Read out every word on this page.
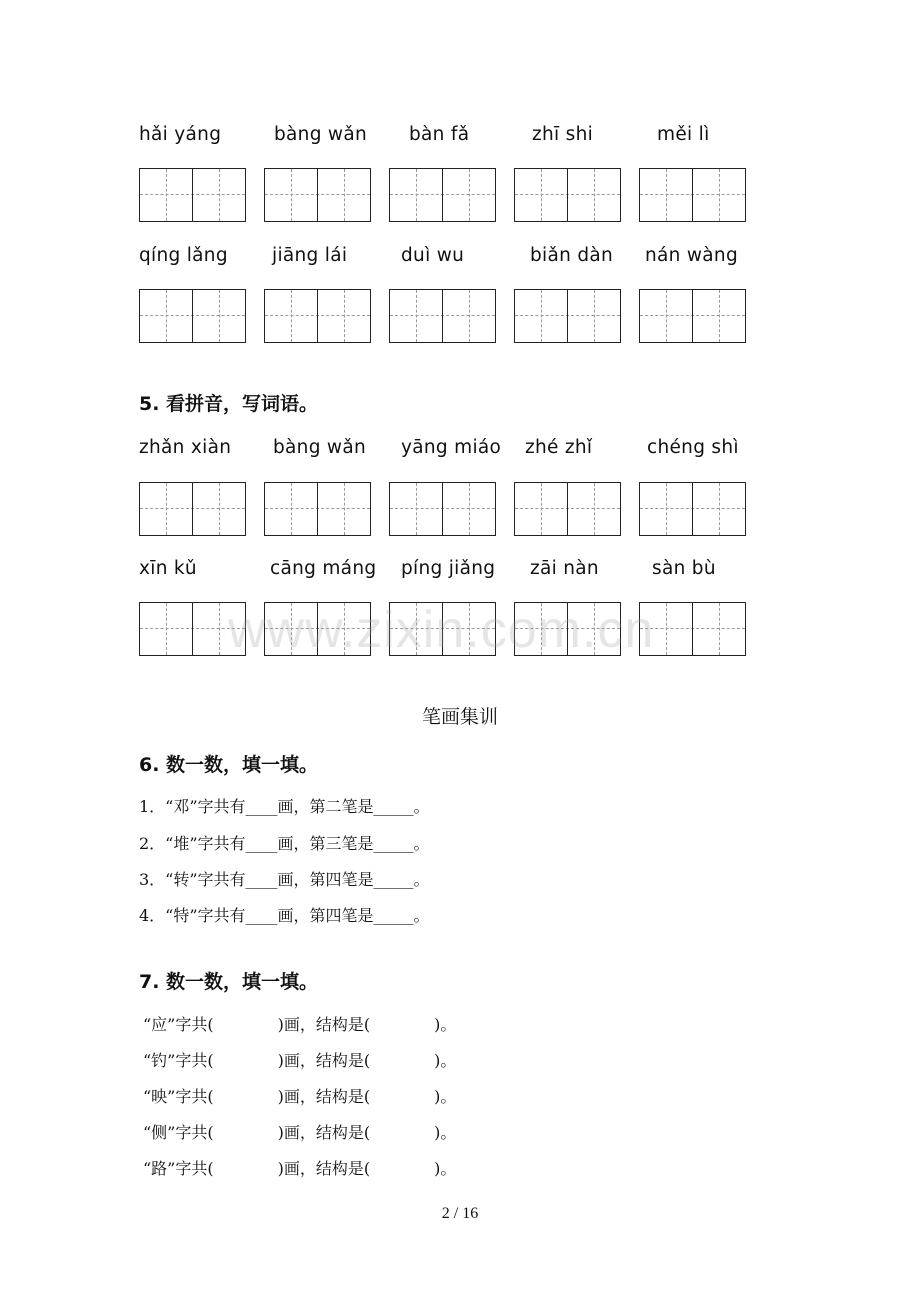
hǎi yáng	bàng wǎn	bàn fǎ	zhī shi	měi lì
qíng lǎng	jiāng lái	duì wu	biǎn dàn	nán wàng
5. 看拼音，写词语。
zhǎn xiàn	bàng wǎn	yāng miáo	zhé zhǐ	chéng shì
xīn kǔ	cāng máng píng jiǎng	zāi nàn	sàn bù
www.zixin.com.cn
笔画集训
6. 数一数，填一填。
1．“邓”字共有____画，第二笔是_____。
2．“堆”字共有____画，第三笔是_____。
3．“转”字共有____画，第四笔是_____。
4．“特”字共有____画，第四笔是_____。
7. 数一数，填一填。
“应”字共(　　　　)画，结构是(　　　　)。
“钓”字共(　　　　)画，结构是(　　　　)。
“映”字共(　　　　)画，结构是(　　　　)。
“侧”字共(　　　　)画，结构是(　　　　)。
“路”字共(　　　　)画，结构是(　　　　)。
2 / 16
